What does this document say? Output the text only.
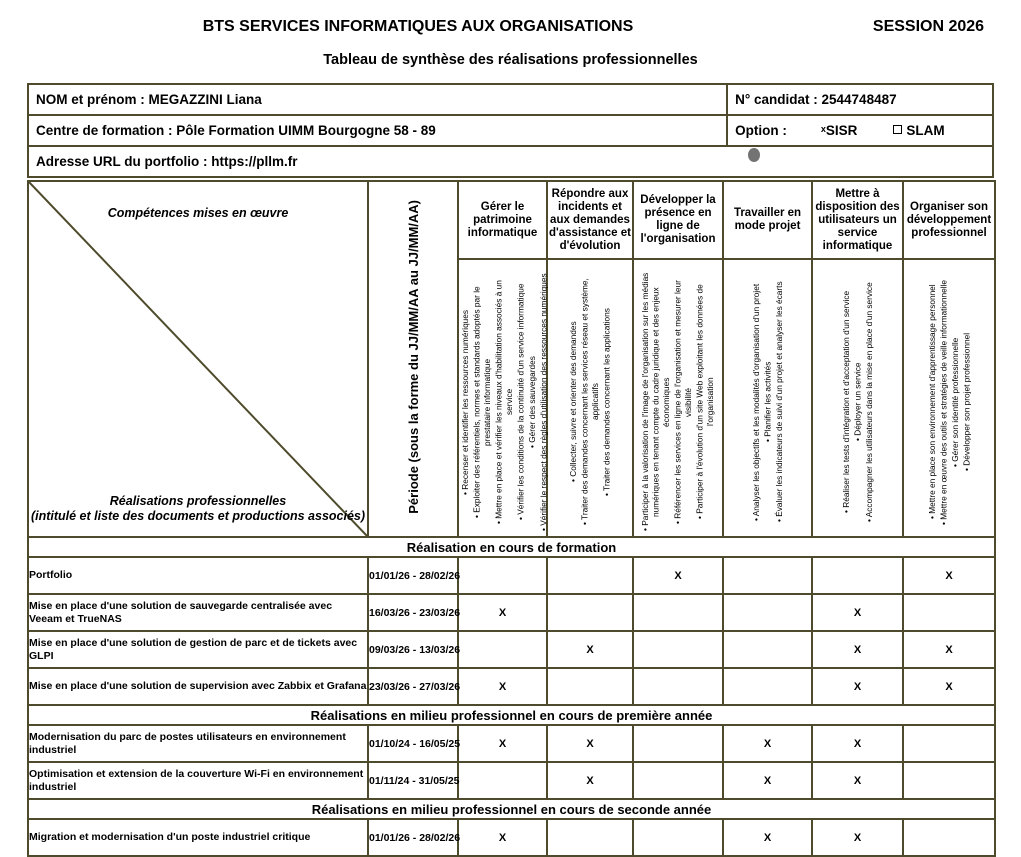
BTS SERVICES INFORMATIQUES AUX ORGANISATIONS	SESSION 2026
Tableau de synthèse des réalisations professionnelles
NOM et prénom : MEGAZZINI Liana	N° candidat : 2544748487
Centre de formation : Pôle Formation UIMM Bourgogne 58 - 89	Option : $^x$SISR SLAM

Adresse URL du portfolio : https://pllm.fr	
Compétences mises en œuvre
Réalisations professionnelles
(intitulé et liste des documents et productions associés)	Période (sous la forme du JJ/MM/AA au JJ/MM/AA)	Gérer le patrimoine informatique	Répondre aux incidents et aux demandes d'assistance et d'évolution	Développer la présence en ligne de l'organisation	Travailler en mode projet	Mettre à disposition des utilisateurs un service informatique	Organiser son développement professionnel

• Recenser et identifier les ressources numériques • Exploiter des référentiels, normes et standards adoptés par le prestataire informatique • Mettre en place et vérifier les niveaux d'habilitation associés à un service • Vérifier les conditions de la continuité d'un service informatique • Gérer des sauvegardes • Vérifier le respect des règles d'utilisation des ressources numériques	• Collecter, suivre et orienter des demandes • Traiter des demandes concernant les services réseau et système, applicatifs • Traiter des demandes concernant les applications	• Participer à la valorisation de l'image de l'organisation sur les médias numériques en tenant compte du cadre juridique et des enjeux économiques • Référencer les services en ligne de l'organisation et mesurer leur visibilité • Participer à l'évolution d'un site Web exploitant les données de l'organisation	• Analyser les objectifs et les modalités d'organisation d'un projet • Planifier les activités • Évaluer les indicateurs de suivi d'un projet et analyser les écarts	• Réaliser les tests d'intégration et d'acceptation d'un service • Déployer un service • Accompagner les utilisateurs dans la mise en place d'un service	• Mettre en place son environnement d'apprentissage personnel • Mettre en œuvre des outils et stratégies de veille informationnelle • Gérer son identité professionnelle • Développer son projet professionnel

Réalisation en cours de formation							
Portfolio	01/01/26 - 28/02/26			X			X
Mise en place d'une solution de sauvegarde centralisée avec Veeam et TrueNAS	16/03/26 - 23/03/26	X				X	
Mise en place d'une solution de gestion de parc et de tickets avec GLPI	09/03/26 - 13/03/26		X			X	X
Mise en place d'une solution de supervision avec Zabbix et Grafana	23/03/26 - 27/03/26	X				X	X
Réalisations en milieu professionnel en cours de première année							
Modernisation du parc de postes utilisateurs en environnement industriel	01/10/24 - 16/05/25	X	X		X	X	
Optimisation et extension de la couverture Wi-Fi en environnement industriel	01/11/24 - 31/05/25		X		X	X	
Réalisations en milieu professionnel en cours de seconde année							
Migration et modernisation d'un poste industriel critique	01/01/26 - 28/02/26	X			X	X	
